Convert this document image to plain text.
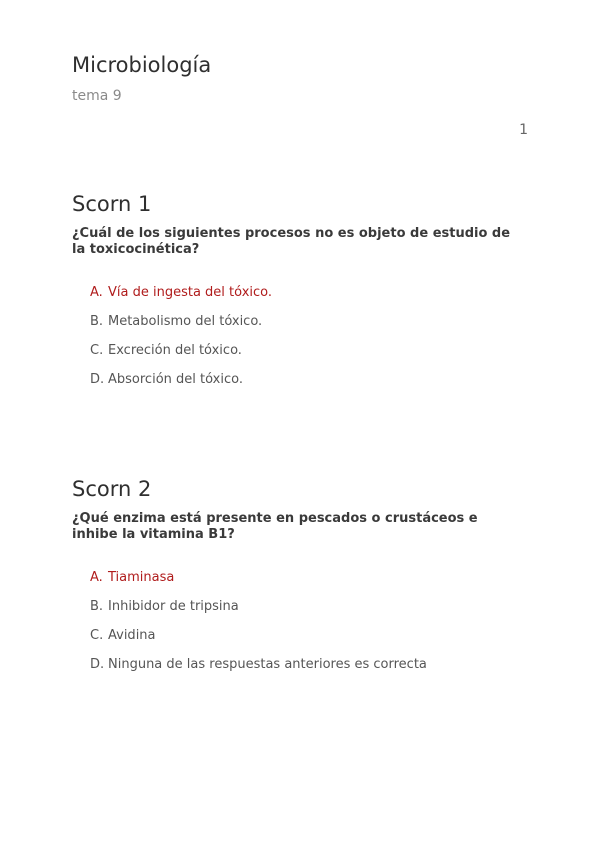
Microbiología

tema 9

1
Scorn 1

¿Cuál de los siguientes procesos no es objeto de estudio de la toxicocinética?

A. Vía de ingesta del tóxico.
B. Metabolismo del tóxico.
C. Excreción del tóxico.
D. Absorción del tóxico.
Scorn 2

¿Qué enzima está presente en pescados o crustáceos e inhibe la vitamina B1?

A. Tiaminasa
B. Inhibidor de tripsina
C. Avidina
D. Ninguna de las respuestas anteriores es correcta
